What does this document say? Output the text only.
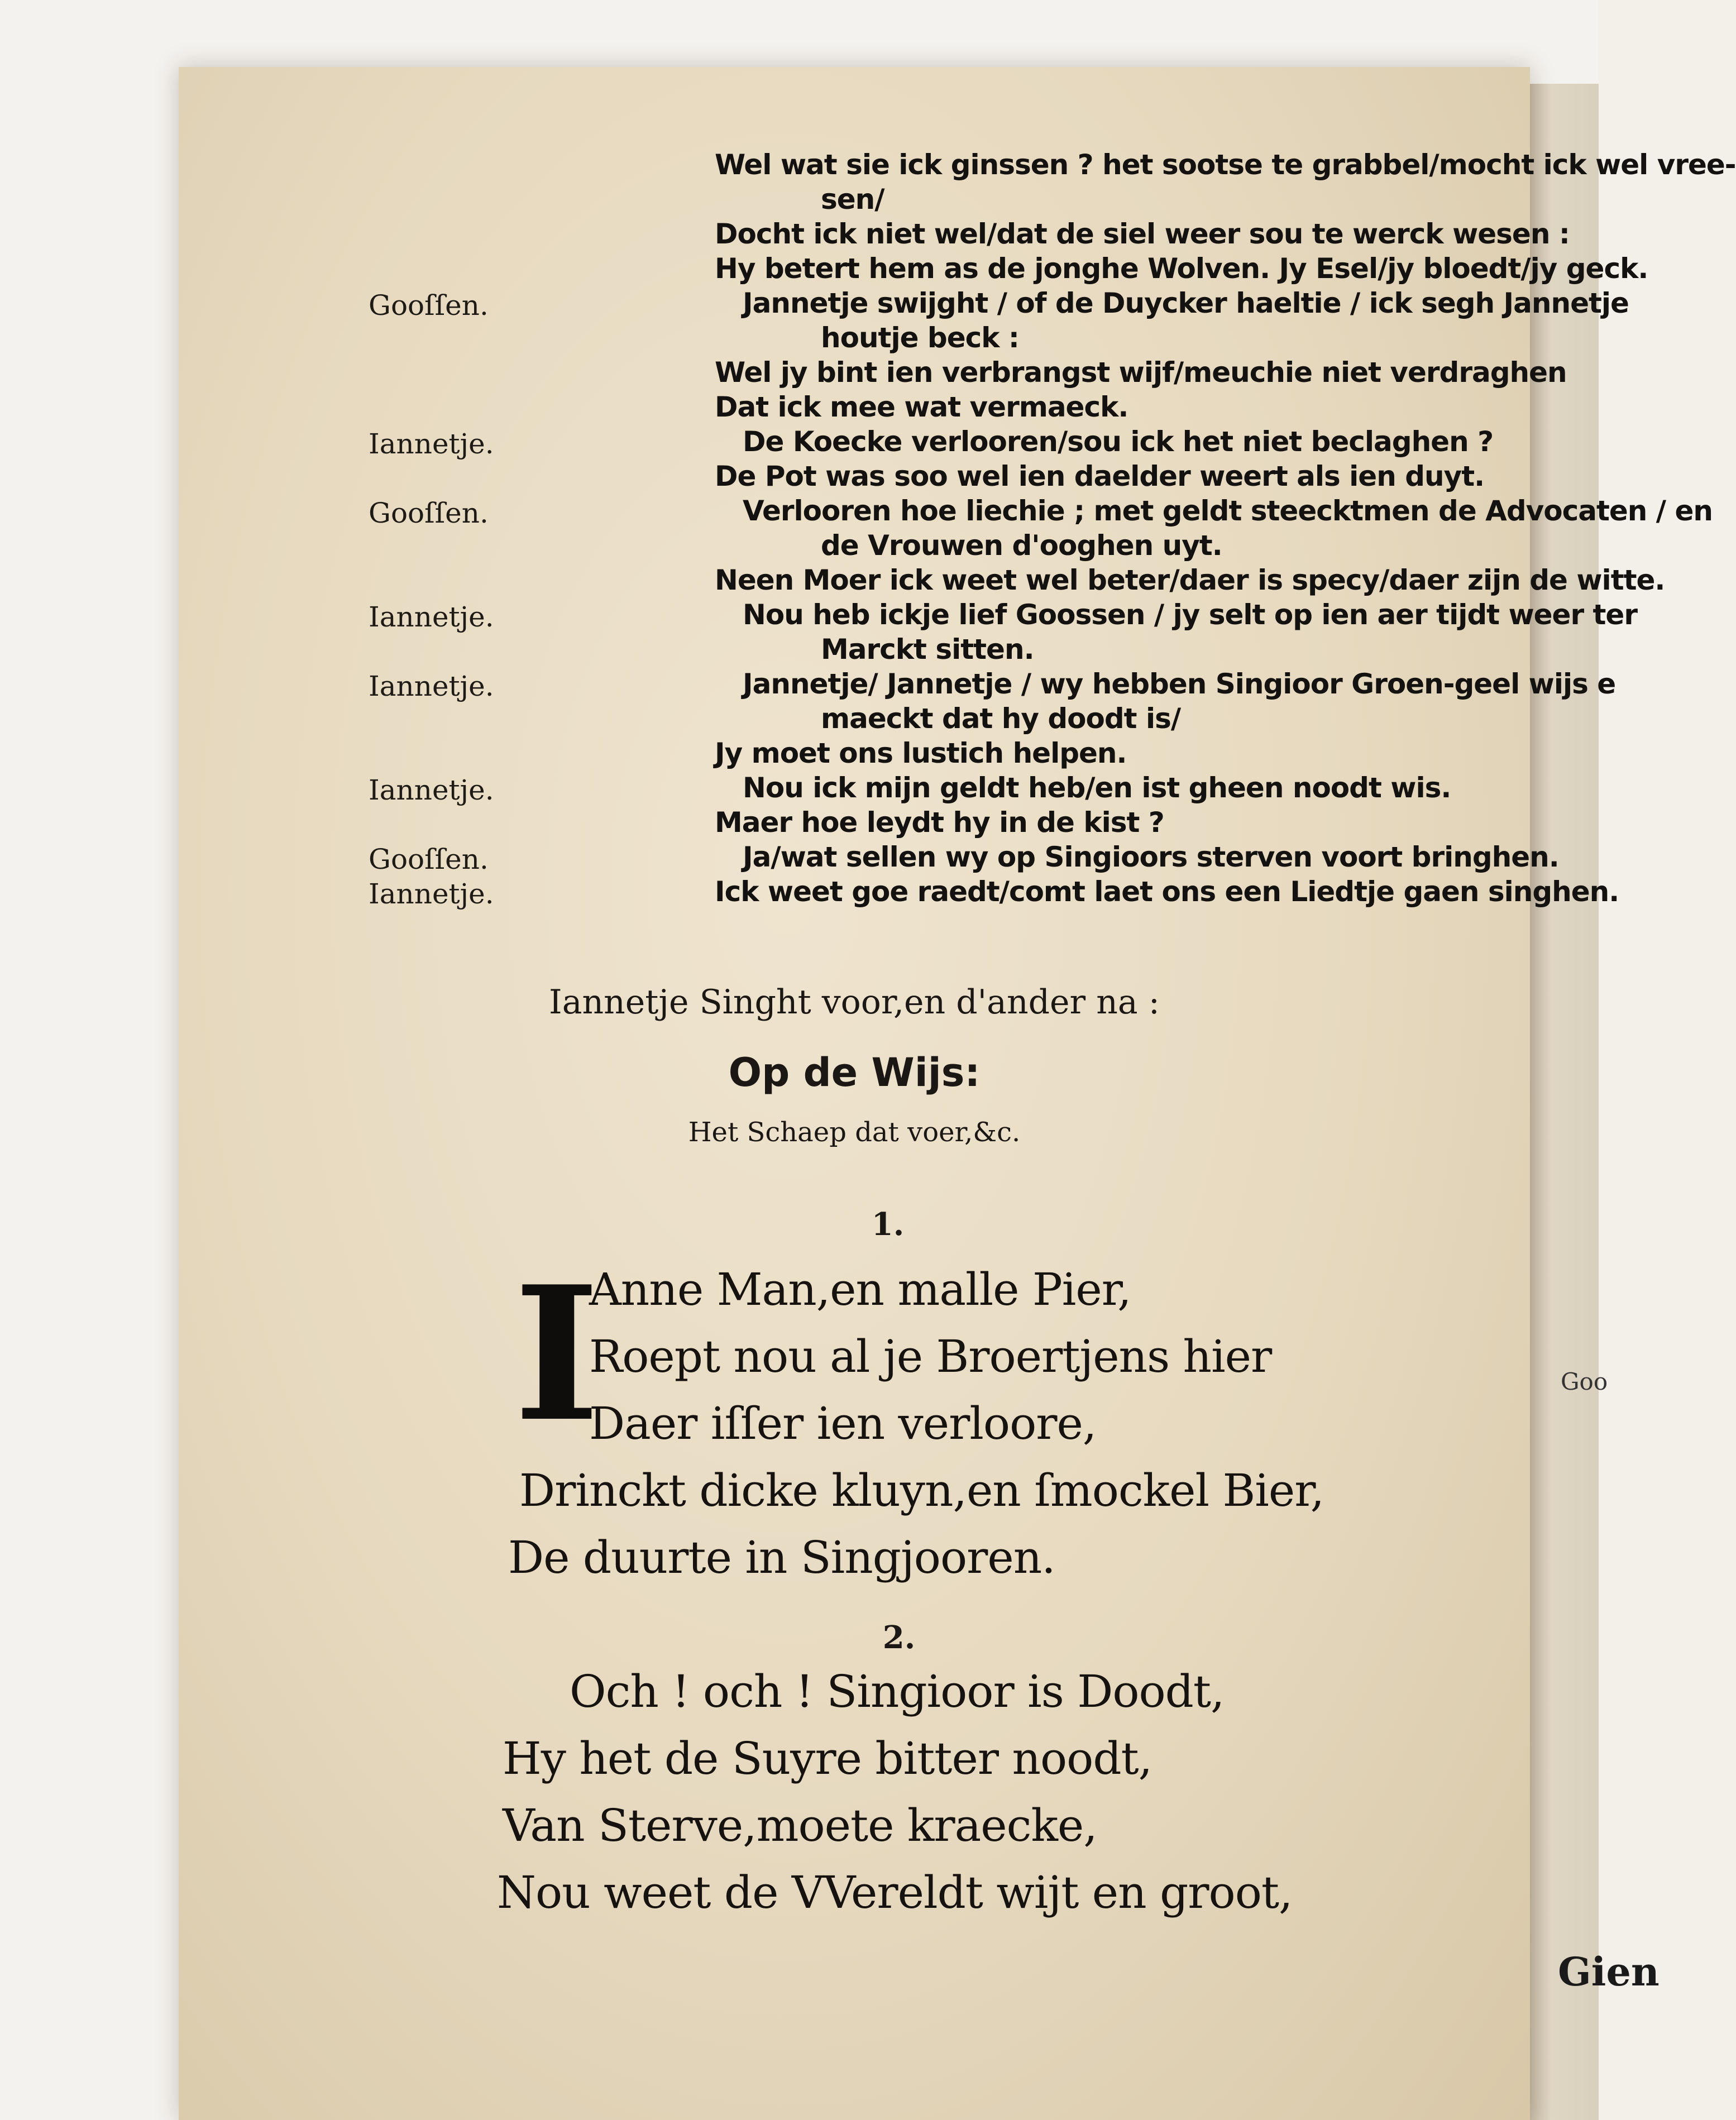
Goo
Wel wat sie ick ginssen ? het sootse te grabbel/mocht ick wel vree-
sen/
Docht ick niet wel/dat de siel weer sou te werck wesen :
Hy betert hem as de jonghe Wolven. Jy Esel/jy bloedt/jy geck.
Gooſſen.	Jannetje swijght / of de Duycker haeltie / ick segh Jannetje
houtje beck :
Wel jy bint ien verbrangst wijf/meuchie niet verdraghen
Dat ick mee wat vermaeck.
Iannetje.	De Koecke verlooren/sou ick het niet beclaghen ?
De Pot was soo wel ien daelder weert als ien duyt.
Gooſſen.	Verlooren hoe liechie ; met geldt steecktmen de Advocaten / en
de Vrouwen d'ooghen uyt.
Neen Moer ick weet wel beter/daer is specy/daer zijn de witte.
Iannetje.	Nou heb ickje lief Goossen / jy selt op ien aer tijdt weer ter
Marckt sitten.
Iannetje.	Jannetje/ Jannetje / wy hebben Singioor Groen-geel wijs e
maeckt dat hy doodt is/
Jy moet ons lustich helpen.
Iannetje.	Nou ick mijn geldt heb/en ist gheen noodt wis.
Maer hoe leydt hy in de kist ?
Gooſſen.	Ja/wat sellen wy op Singioors sterven voort bringhen.
Iannetje.	Ick weet goe raedt/comt laet ons een Liedtje gaen singhen.
Iannetje Singht voor,en d'ander na :
Op de Wijs:
Het Schaep dat voer,&c.
1.
I
Anne Man,en malle Pier,
Roept nou al je Broertjens hier
Daer iſſer ien verloore,
Drinckt dicke kluyn,en ſmockel Bier,
De duurte in Singjooren.
2.
Och ! och ! Singioor is Doodt,
Hy het de Suyre bitter noodt,
Van Sterve,moete kraecke,
Nou weet de VVereldt wijt en groot,
Gien
